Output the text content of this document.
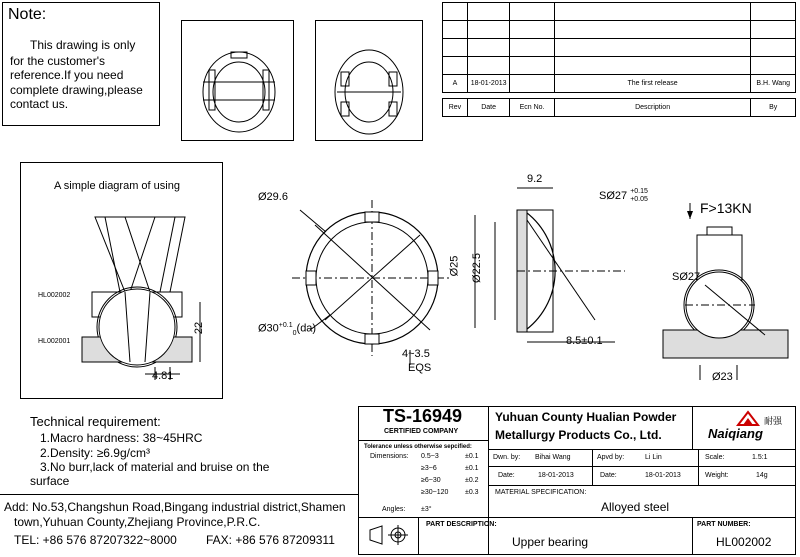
Note:
This drawing is only
for the customer's
reference.If you need
complete drawing,please
contact us.

A	18-01-2013		The first release	B.H. Wang

Rev	Date	Ecn No.	Description	By
A simple diagram of using
HL002002
HL002001
22
4.81
Ø29.6
$Ø30^{+0.1}_0(da)$
4~3.5
EQS
9.2
SØ27 +0.15
+0.05
Ø25 Ø22.5
8.5±0.1
F>13KN
SØ27
Ø23
Technical requirement:
1.Macro hardness: 38~45HRC
2.Density: ≥6.9g/cm³
3.No burr,lack of material and bruise on the
surface
Add: No.53,Changshun Road,Bingang industrial district,Shamen
town,Yuhuan County,Zhejiang Province,P.R.C.
TEL: +86 576 87207322~8000 FAX: +86 576 87209311
TS-16949
CERTIFIED COMPANY
Yuhuan County Hualian Powder
Metallurgy Products Co., Ltd.
耐强
Naiqiang
Tolerance unless otherwise sepcified:
Dimensions: 0.5~3	±0.1
≥3~6	±0.1
≥6~30	±0.2
≥30~120 ±0.3
Angles: ±3°
Dwn. by: Bihai Wang	Apvd by:	Li Lin	Scale:	1.5:1
Date:	18-01-2013	Date:	18-01-2013	Weight:	14g
MATERIAL SPECIFICATION:
Alloyed steel
PART DESCRIPTION:
Upper bearing
PART NUMBER:
HL002002
